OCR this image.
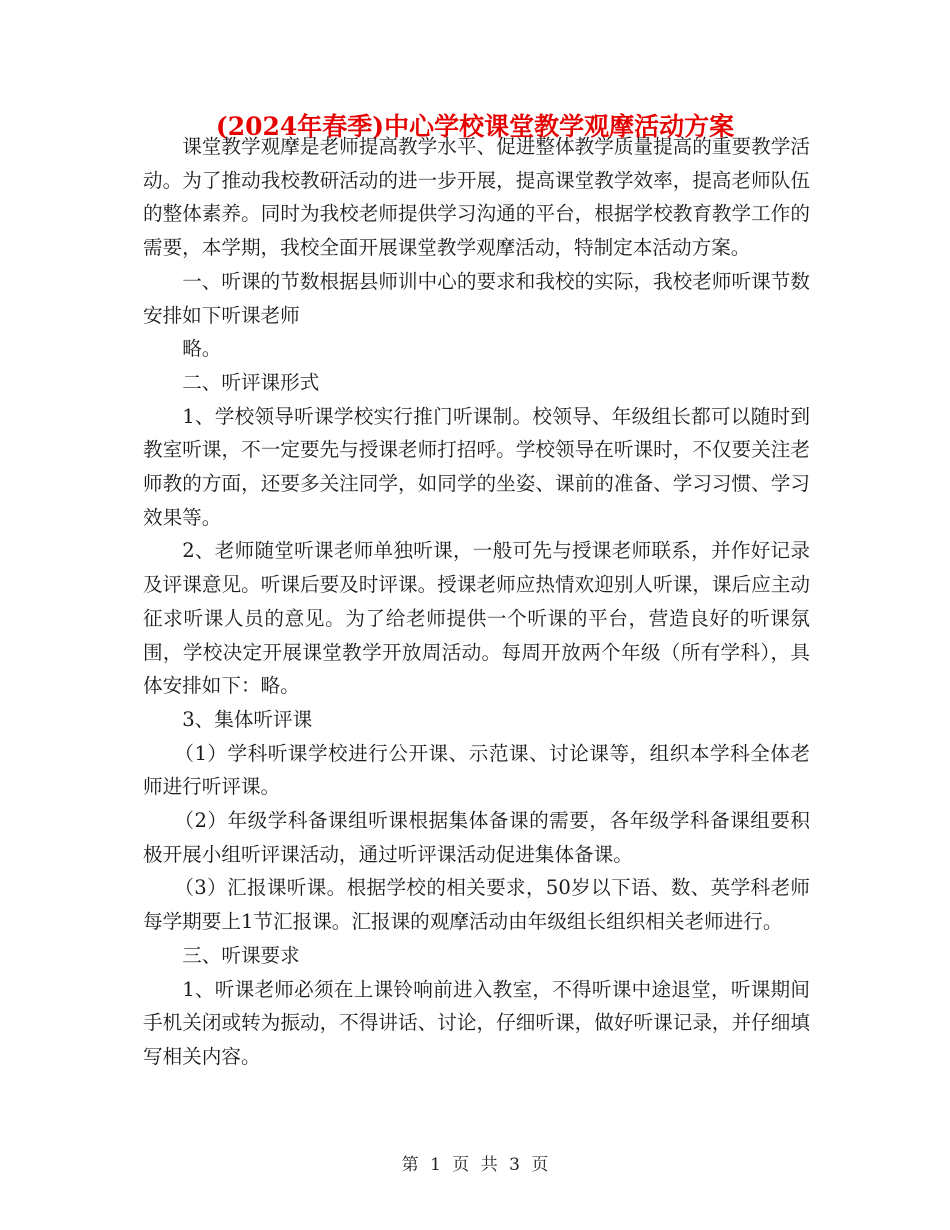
(2024年春季)中心学校课堂教学观摩活动方案

课堂教学观摩是老师提高教学水平、促进整体教学质量提高的重要教学活动。为了推动我校教研活动的进一步开展，提高课堂教学效率，提高老师队伍的整体素养。同时为我校老师提供学习沟通的平台，根据学校教育教学工作的需要，本学期，我校全面开展课堂教学观摩活动，特制定本活动方案。

一、听课的节数根据县师训中心的要求和我校的实际，我校老师听课节数安排如下听课老师

略。

二、听评课形式

1、学校领导听课学校实行推门听课制。校领导、年级组长都可以随时到教室听课，不一定要先与授课老师打招呼。学校领导在听课时，不仅要关注老师教的方面，还要多关注同学，如同学的坐姿、课前的准备、学习习惯、学习效果等。

2、老师随堂听课老师单独听课，一般可先与授课老师联系，并作好记录及评课意见。听课后要及时评课。授课老师应热情欢迎别人听课，课后应主动征求听课人员的意见。为了给老师提供一个听课的平台，营造良好的听课氛围，学校决定开展课堂教学开放周活动。每周开放两个年级（所有学科），具体安排如下：略。

3、集体听评课

（1）学科听课学校进行公开课、示范课、讨论课等，组织本学科全体老师进行听评课。

（2）年级学科备课组听课根据集体备课的需要，各年级学科备课组要积极开展小组听评课活动，通过听评课活动促进集体备课。

（3）汇报课听课。根据学校的相关要求，50岁以下语、数、英学科老师每学期要上1节汇报课。汇报课的观摩活动由年级组长组织相关老师进行。

三、听课要求

1、听课老师必须在上课铃响前进入教室，不得听课中途退堂，听课期间手机关闭或转为振动，不得讲话、讨论，仔细听课，做好听课记录，并仔细填写相关内容。

第 1 页 共 3 页
